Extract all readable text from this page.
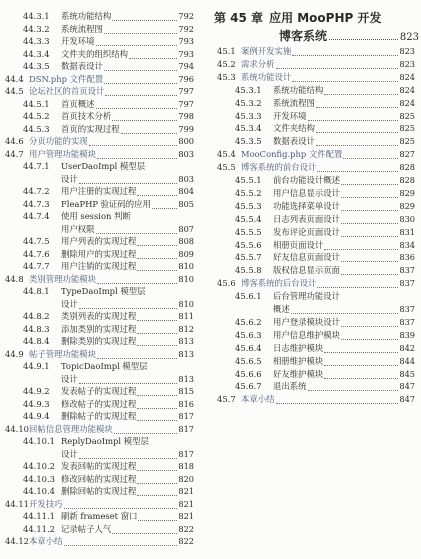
44.3.1	系统功能结构	792
44.3.2	系统流程图	792
44.3.3	开发环境	793
44.3.4	文件夹的组织结构	793
44.3.5	数据表设计	794
44.4 DSN.php 文件配置	796
44.5 论坛社区的首页设计	797
44.5.1	首页概述	797
44.5.2	首页技术分析	798
44.5.3	首页的实现过程	799
44.6 分页功能的实现	800
44.7 用户管理功能模块	803
44.7.1	UserDaoImpl 模型层
设计	803
44.7.2	用户注册的实现过程	804
44.7.3	FleaPHP 验证码的应用	805
44.7.4	使用 session 判断
用户权限	807
44.7.5	用户列表的实现过程	808
44.7.6	删除用户的实现过程	809
44.7.7	用户注销的实现过程	810
44.8 类别管理功能模块	810
44.8.1	TypeDaoImpl 模型层
设计	810
44.8.2	类别列表的实现过程	811
44.8.3	添加类别的实现过程	812
44.8.4	删除类别的实现过程	813
44.9 帖子管理功能模块	813
44.9.1	TopicDaoImpl 模型层
设计	813
44.9.2	发表帖子的实现过程	815
44.9.3	修改帖子的实现过程	816
44.9.4	删除帖子的实现过程	817
44.10 回帖信息管理功能模块	817
44.10.1 ReplyDaoImpl 模型层
设计	817
44.10.2 发表回帖的实现过程	818
44.10.3 修改回帖的实现过程	820
44.10.4 删除回帖的实现过程	821
44.11 开发技巧	821
44.11.1 刷新 frameset 窗口	821
44.11.2 记录帖子人气	822
44.12 本章小结	822
第 45 章 应用 MooPHP 开发
博客系统	823
45.1 案例开发实施	823
45.2 需求分析	823
45.3 系统功能设计	824
45.3.1	系统功能结构	824
45.3.2	系统流程图	824
45.3.3	开发环境	825
45.3.4	文件夹结构	825
45.3.5	数据表设计	825
45.4 MooConfig.php 文件配置	827
45.5 博客系统的前台设计	828
45.5.1	前台功能设计概述	828
45.5.2	用户信息显示设计	829
45.5.3	功能选择菜单设计	829
45.5.4	日志列表页面设计	830
45.5.5	发布评论页面设计	831
45.5.6	相册页面设计	834
45.5.7	好友信息页面设计	836
45.5.8	版权信息显示页面	837
45.6 博客系统的后台设计	837
45.6.1	后台管理功能设计
概述	837
45.6.2	用户登录模块设计	837
45.6.3	用户信息维护模块	839
45.6.4	日志维护模块	842
45.6.5	相册维护模块	844
45.6.6	好友维护模块	845
45.6.7	退出系统	847
45.7 本章小结	847
